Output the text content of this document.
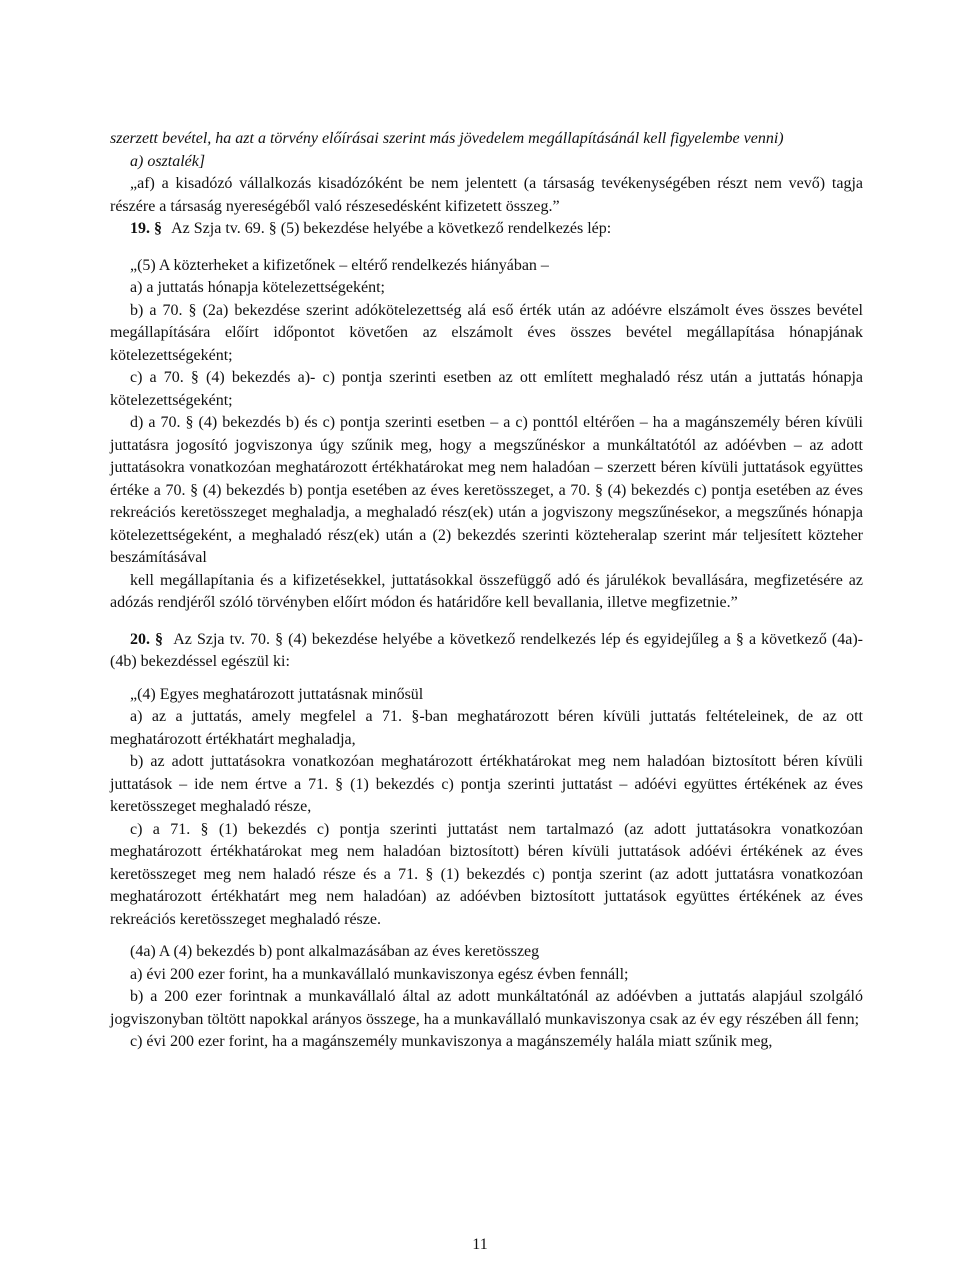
szerzett bevétel, ha azt a törvény előírásai szerint más jövedelem megállapításánál kell figyelembe venni)

a) osztalék]

„af) a kisadózó vállalkozás kisadózóként be nem jelentett (a társaság tevékenységében részt nem vevő) tagja részére a társaság nyereségéből való részesedésként kifizetett összeg.”

19. § Az Szja tv. 69. § (5) bekezdése helyébe a következő rendelkezés lép:

„(5) A közterheket a kifizetőnek – eltérő rendelkezés hiányában –

a) a juttatás hónapja kötelezettségeként;

b) a 70. § (2a) bekezdése szerint adókötelezettség alá eső érték után az adóévre elszámolt éves összes bevétel megállapítására előírt időpontot követően az elszámolt éves összes bevétel megállapítása hónapjának kötelezettségeként;

c) a 70. § (4) bekezdés a)- c) pontja szerinti esetben az ott említett meghaladó rész után a juttatás hónapja kötelezettségeként;

d) a 70. § (4) bekezdés b) és c) pontja szerinti esetben – a c) ponttól eltérően – ha a magánszemély béren kívüli juttatásra jogosító jogviszonya úgy szűnik meg, hogy a megszűnéskor a munkáltatótól az adóévben – az adott juttatásokra vonatkozóan meghatározott értékhatárokat meg nem haladóan – szerzett béren kívüli juttatások együttes értéke a 70. § (4) bekezdés b) pontja esetében az éves keretösszeget, a 70. § (4) bekezdés c) pontja esetében az éves rekreációs keretösszeget meghaladja, a meghaladó rész(ek) után a jogviszony megszűnésekor, a megszűnés hónapja kötelezettségeként, a meghaladó rész(ek) után a (2) bekezdés szerinti közteheralap szerint már teljesített közteher beszámításával

kell megállapítania és a kifizetésekkel, juttatásokkal összefüggő adó és járulékok bevallására, megfizetésére az adózás rendjéről szóló törvényben előírt módon és határidőre kell bevallania, illetve megfizetnie.”

20. § Az Szja tv. 70. § (4) bekezdése helyébe a következő rendelkezés lép és egyidejűleg a § a következő (4a)-(4b) bekezdéssel egészül ki:

„(4) Egyes meghatározott juttatásnak minősül

a) az a juttatás, amely megfelel a 71. §-ban meghatározott béren kívüli juttatás feltételeinek, de az ott meghatározott értékhatárt meghaladja,

b) az adott juttatásokra vonatkozóan meghatározott értékhatárokat meg nem haladóan biztosított béren kívüli juttatások – ide nem értve a 71. § (1) bekezdés c) pontja szerinti juttatást – adóévi együttes értékének az éves keretösszeget meghaladó része,

c) a 71. § (1) bekezdés c) pontja szerinti juttatást nem tartalmazó (az adott juttatásokra vonatkozóan meghatározott értékhatárokat meg nem haladóan biztosított) béren kívüli juttatások adóévi értékének az éves keretösszeget meg nem haladó része és a 71. § (1) bekezdés c) pontja szerint (az adott juttatásra vonatkozóan meghatározott értékhatárt meg nem haladóan) az adóévben biztosított juttatások együttes értékének az éves rekreációs keretösszeget meghaladó része.

(4a) A (4) bekezdés b) pont alkalmazásában az éves keretösszeg

a) évi 200 ezer forint, ha a munkavállaló munkaviszonya egész évben fennáll;

b) a 200 ezer forintnak a munkavállaló által az adott munkáltatónál az adóévben a juttatás alapjául szolgáló jogviszonyban töltött napokkal arányos összege, ha a munkavállaló munkaviszonya csak az év egy részében áll fenn;

c) évi 200 ezer forint, ha a magánszemély munkaviszonya a magánszemély halála miatt szűnik meg,

11
